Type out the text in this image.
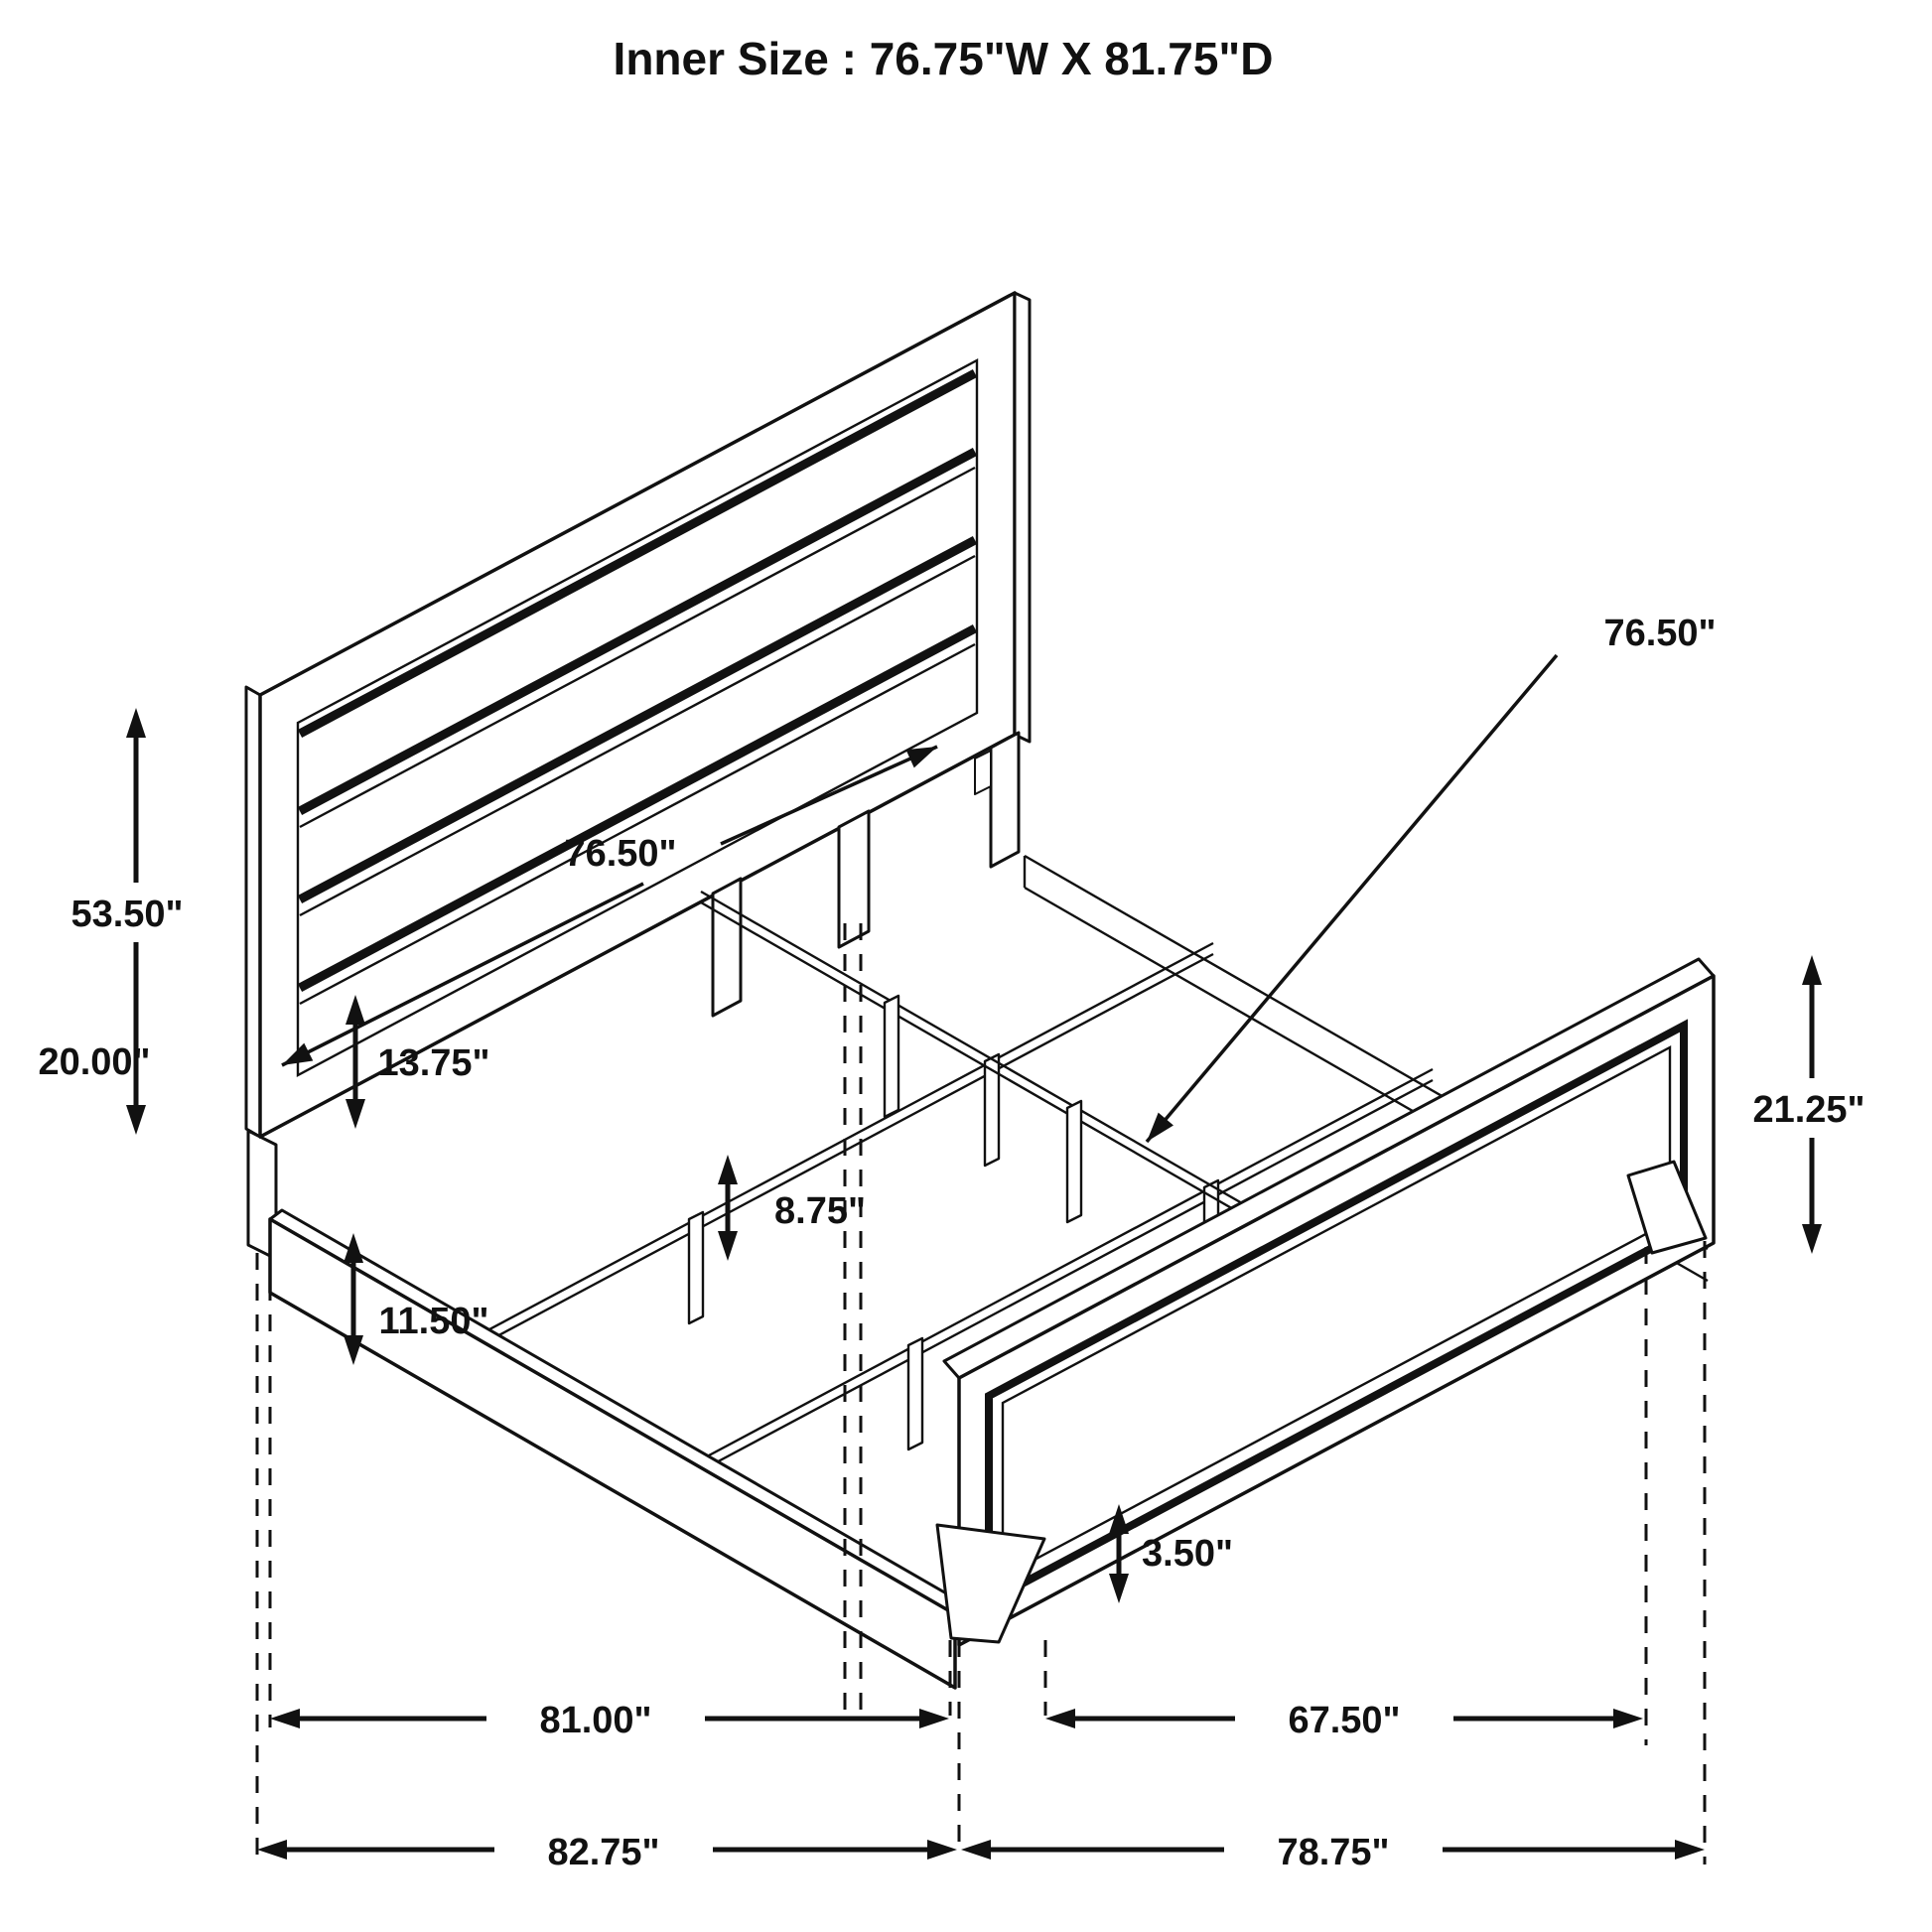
Inner Size : 76.75"W X 81.75"D
53.50"
13.75"
11.50"
8.75"
21.25"
3.50"
81.00"	67.50"
82.75"	78.75"
76.50"
76.50"
20.00"
